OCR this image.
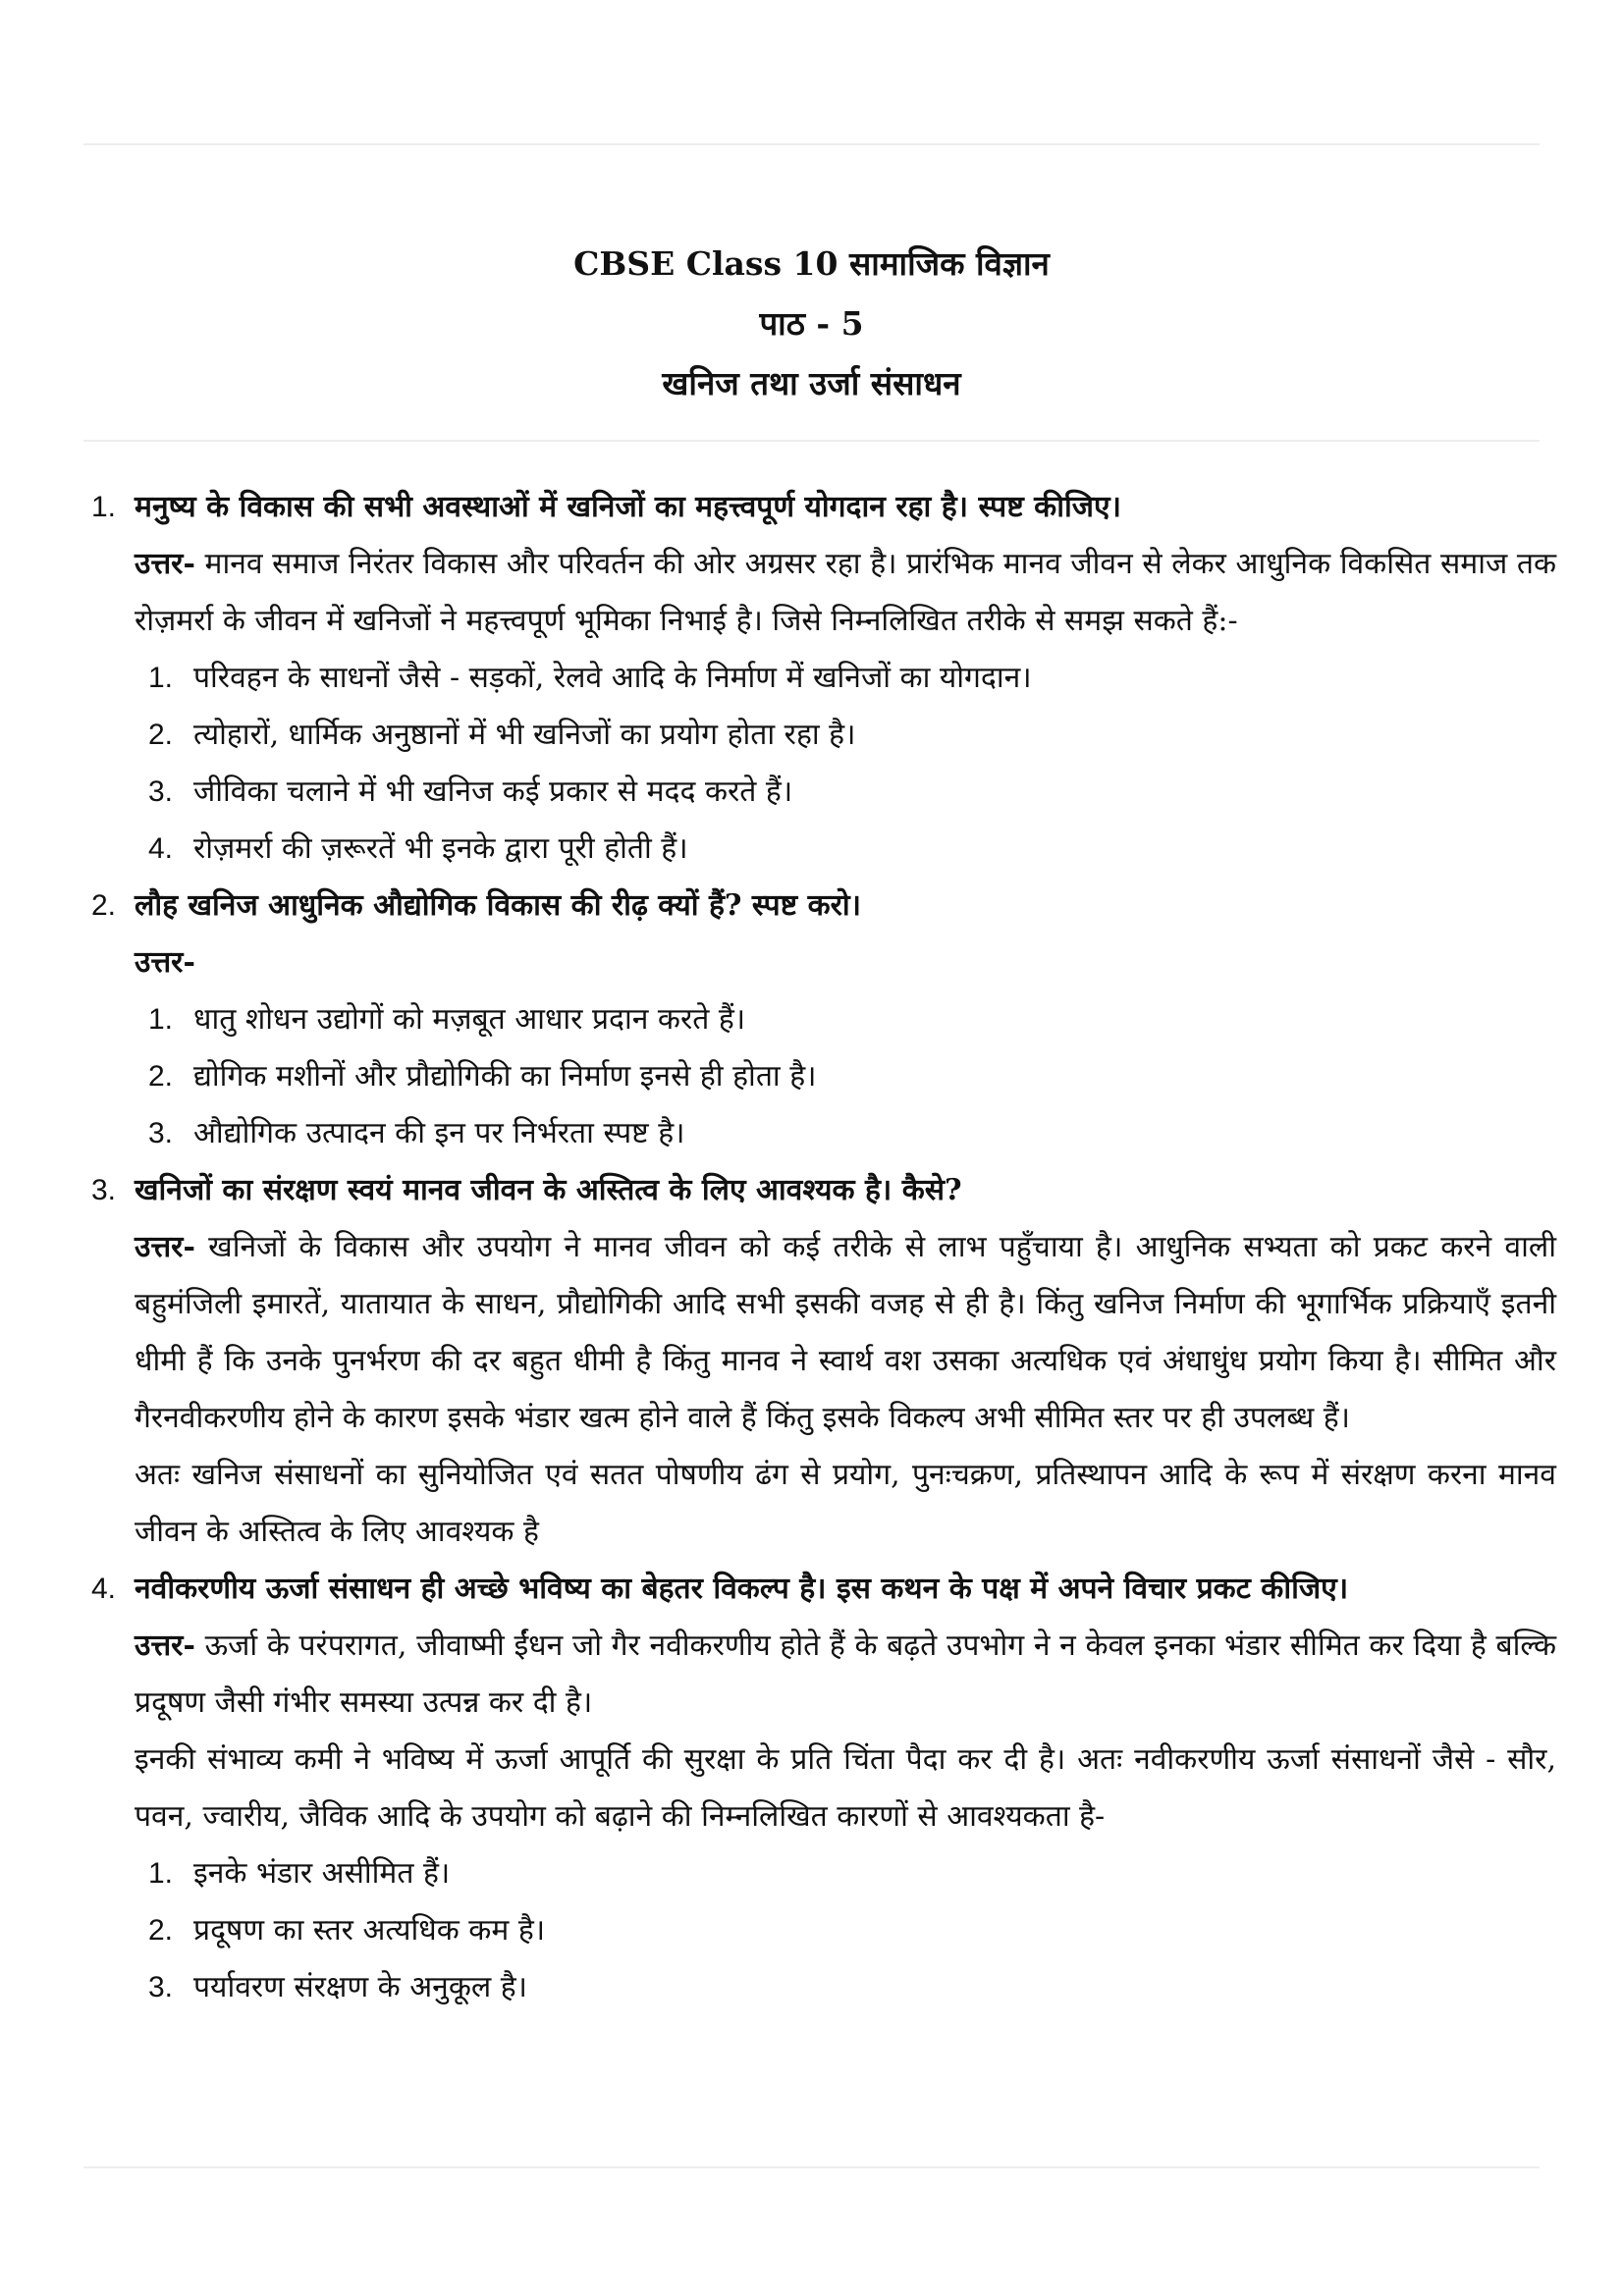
CBSE Class 10 सामाजिक विज्ञान
पाठ - 5
खनिज तथा उर्जा संसाधन
1. मनुष्य के विकास की सभी अवस्थाओं में खनिजों का महत्त्वपूर्ण योगदान रहा है। स्पष्ट कीजिए।
उत्तर- मानव समाज निरंतर विकास और परिवर्तन की ओर अग्रसर रहा है। प्रारंभिक मानव जीवन से लेकर आधुनिक विकसित समाज तक रोज़मर्रा के जीवन में खनिजों ने महत्त्वपूर्ण भूमिका निभाई है। जिसे निम्नलिखित तरीके से समझ सकते हैं:-
1. परिवहन के साधनों जैसे - सड़कों, रेलवे आदि के निर्माण में खनिजों का योगदान।
2. त्योहारों, धार्मिक अनुष्ठानों में भी खनिजों का प्रयोग होता रहा है।
3. जीविका चलाने में भी खनिज कई प्रकार से मदद करते हैं।
4. रोज़मर्रा की ज़रूरतें भी इनके द्वारा पूरी होती हैं।
2. लौह खनिज आधुनिक औद्योगिक विकास की रीढ़ क्यों हैं? स्पष्ट करो।
उत्तर-
1. धातु शोधन उद्योगों को मज़बूत आधार प्रदान करते हैं।
2. द्योगिक मशीनों और प्रौद्योगिकी का निर्माण इनसे ही होता है।
3. औद्योगिक उत्पादन की इन पर निर्भरता स्पष्ट है।
3. खनिजों का संरक्षण स्वयं मानव जीवन के अस्तित्व के लिए आवश्यक है। कैसे?
उत्तर- खनिजों के विकास और उपयोग ने मानव जीवन को कई तरीके से लाभ पहुँचाया है। आधुनिक सभ्यता को प्रकट करने वाली बहुमंजिली इमारतें, यातायात के साधन, प्रौद्योगिकी आदि सभी इसकी वजह से ही है। किंतु खनिज निर्माण की भूगार्भिक प्रक्रियाएँ इतनी धीमी हैं कि उनके पुनर्भरण की दर बहुत धीमी है किंतु मानव ने स्वार्थ वश उसका अत्यधिक एवं अंधाधुंध प्रयोग किया है। सीमित और गैरनवीकरणीय होने के कारण इसके भंडार खत्म होने वाले हैं किंतु इसके विकल्प अभी सीमित स्तर पर ही उपलब्ध हैं।
अतः खनिज संसाधनों का सुनियोजित एवं सतत पोषणीय ढंग से प्रयोग, पुनःचक्रण, प्रतिस्थापन आदि के रूप में संरक्षण करना मानव जीवन के अस्तित्व के लिए आवश्यक है
4. नवीकरणीय ऊर्जा संसाधन ही अच्छे भविष्य का बेहतर विकल्प है। इस कथन के पक्ष में अपने विचार प्रकट कीजिए।
उत्तर- ऊर्जा के परंपरागत, जीवाष्मी ईंधन जो गैर नवीकरणीय होते हैं के बढ़ते उपभोग ने न केवल इनका भंडार सीमित कर दिया है बल्कि प्रदूषण जैसी गंभीर समस्या उत्पन्न कर दी है।
इनकी संभाव्य कमी ने भविष्य में ऊर्जा आपूर्ति की सुरक्षा के प्रति चिंता पैदा कर दी है। अतः नवीकरणीय ऊर्जा संसाधनों जैसे - सौर, पवन, ज्वारीय, जैविक आदि के उपयोग को बढ़ाने की निम्नलिखित कारणों से आवश्यकता है-
1. इनके भंडार असीमित हैं।
2. प्रदूषण का स्तर अत्यधिक कम है।
3. पर्यावरण संरक्षण के अनुकूल है।
